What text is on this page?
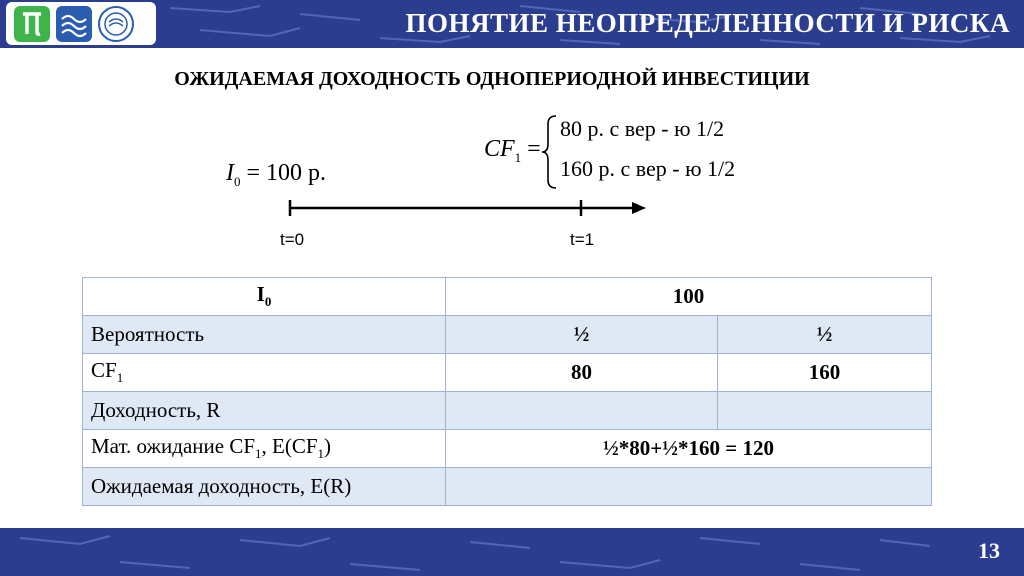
ПОНЯТИЕ НЕОПРЕДЕЛЕННОСТИ И РИСКА
ОЖИДАЕМАЯ ДОХОДНОСТЬ ОДНОПЕРИОДНОЙ ИНВЕСТИЦИИ
$I_0 = 100$ р.
$CF_1$ =
80 р. с вер - ю 1/2
160 р. с вер - ю 1/2
t=0	t=1
$I_0$	100	
Вероятность	½	½
$CF_1$	80	160
Доходность, R		
Мат. ожидание $CF_1$, $E(CF_1)$	½*80+½*160 = 120	
Ожидаемая доходность, E(R)		
13
